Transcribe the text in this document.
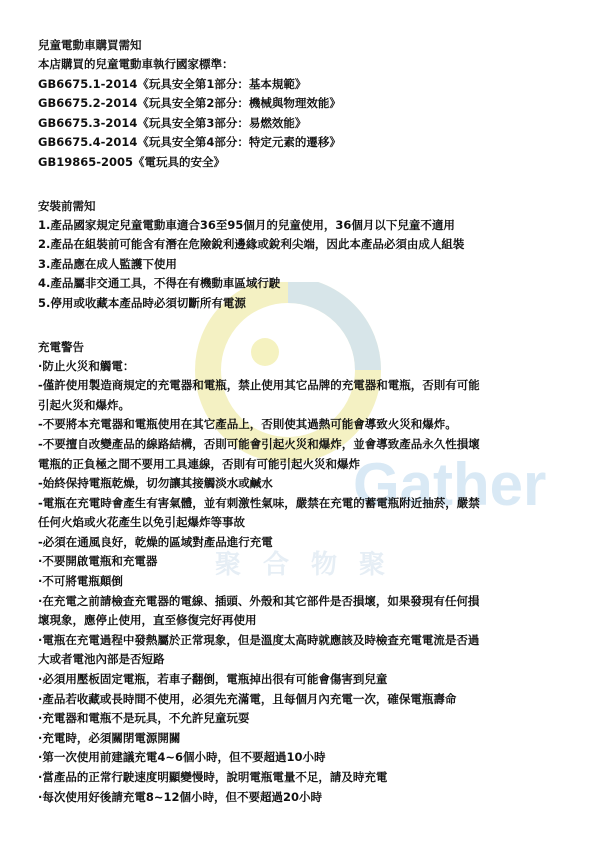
Gather
聚合物聚

兒童電動車購買需知

本店購買的兒童電動車執行國家標準：

GB6675.1-2014《玩具安全第1部分：基本規範》

GB6675.2-2014《玩具安全第2部分：機械與物理效能》

GB6675.3-2014《玩具安全第3部分：易燃效能》

GB6675.4-2014《玩具安全第4部分：特定元素的遷移》

GB19865-2005《電玩具的安全》

安裝前需知

1.產品國家規定兒童電動車適合36至95個月的兒童使用，36個月以下兒童不適用

2.產品在組裝前可能含有潛在危險銳利邊緣或銳利尖端，因此本產品必須由成人組裝

3.產品應在成人監護下使用

4.產品屬非交通工具，不得在有機動車區域行駛

5.停用或收藏本產品時必須切斷所有電源

充電警告

·防止火災和觸電：

-僅許使用製造商規定的充電器和電瓶，禁止使用其它品牌的充電器和電瓶，否則有可能

引起火災和爆炸。

-不要將本充電器和電瓶使用在其它產品上，否則使其過熱可能會導致火災和爆炸。

-不要擅自改變產品的線路結構，否則可能會引起火災和爆炸，並會導致產品永久性損壞

電瓶的正負極之間不要用工具連線，否則有可能引起火災和爆炸

-始終保持電瓶乾燥，切勿讓其接觸淡水或鹹水

-電瓶在充電時會產生有害氣體，並有刺激性氣味，嚴禁在充電的蓄電瓶附近抽菸，嚴禁

任何火焰或火花產生以免引起爆炸等事故

-必須在通風良好，乾燥的區域對產品進行充電

·不要開啟電瓶和充電器

·不可將電瓶顛倒

·在充電之前請檢查充電器的電線、插頭、外殼和其它部件是否損壞，如果發現有任何損

壞現象，應停止使用，直至修復完好再使用

·電瓶在充電過程中發熱屬於正常現象，但是溫度太高時就應該及時檢查充電電流是否過

大或者電池內部是否短路

·必須用壓板固定電瓶，若車子翻倒，電瓶掉出很有可能會傷害到兒童

·產品若收藏或長時間不使用，必須先充滿電，且每個月內充電一次，確保電瓶壽命

·充電器和電瓶不是玩具，不允許兒童玩耍

·充電時，必須關閉電源開關

·第一次使用前建議充電4~6個小時，但不要超過10小時

·當產品的正常行駛速度明顯變慢時，說明電瓶電量不足，請及時充電

·每次使用好後請充電8~12個小時，但不要超過20小時
